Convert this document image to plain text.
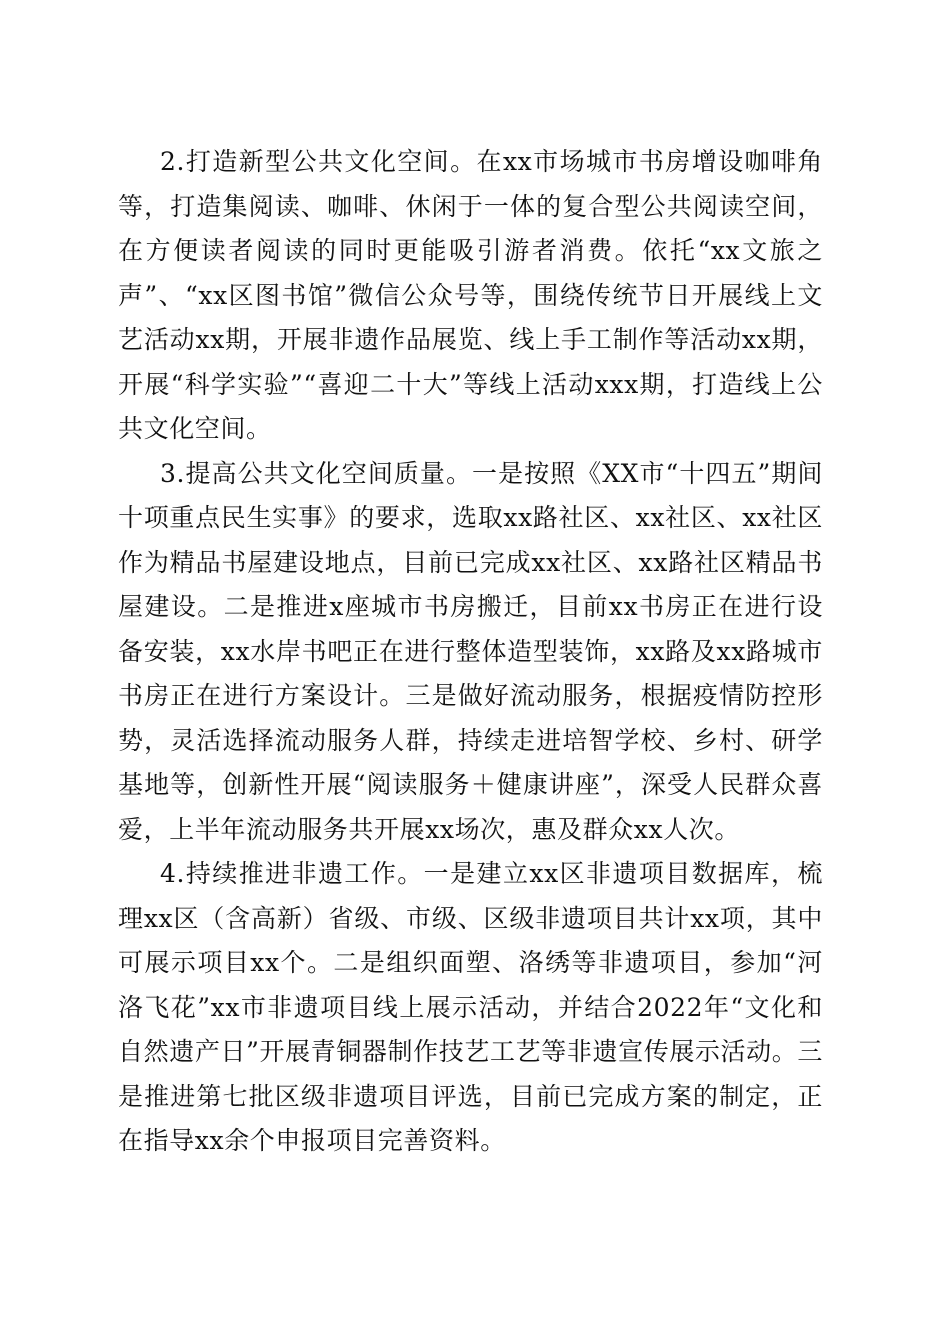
2.打造新型公共文化空间。在xx市场城市书房增设咖啡角等，打造集阅读、咖啡、休闲于一体的复合型公共阅读空间，在方便读者阅读的同时更能吸引游者消费。依托“xx文旅之声”、“xx区图书馆”微信公众号等，围绕传统节日开展线上文艺活动xx期，开展非遗作品展览、线上手工制作等活动xx期，开展“科学实验”“喜迎二十大”等线上活动xxx期，打造线上公共文化空间。

3.提高公共文化空间质量。一是按照《XX市“十四五”期间十项重点民生实事》的要求，选取xx路社区、xx社区、xx社区作为精品书屋建设地点，目前已完成xx社区、xx路社区精品书屋建设。二是推进x座城市书房搬迁，目前xx书房正在进行设备安装，xx水岸书吧正在进行整体造型装饰，xx路及xx路城市书房正在进行方案设计。三是做好流动服务，根据疫情防控形势，灵活选择流动服务人群，持续走进培智学校、乡村、研学基地等，创新性开展“阅读服务＋健康讲座”，深受人民群众喜爱，上半年流动服务共开展xx场次，惠及群众xx人次。

4.持续推进非遗工作。一是建立xx区非遗项目数据库，梳理xx区（含高新）省级、市级、区级非遗项目共计xx项，其中可展示项目xx个。二是组织面塑、洛绣等非遗项目，参加“河洛飞花”xx市非遗项目线上展示活动，并结合2022年“文化和自然遗产日”开展青铜器制作技艺工艺等非遗宣传展示活动。三是推进第七批区级非遗项目评选，目前已完成方案的制定，正在指导xx余个申报项目完善资料。
